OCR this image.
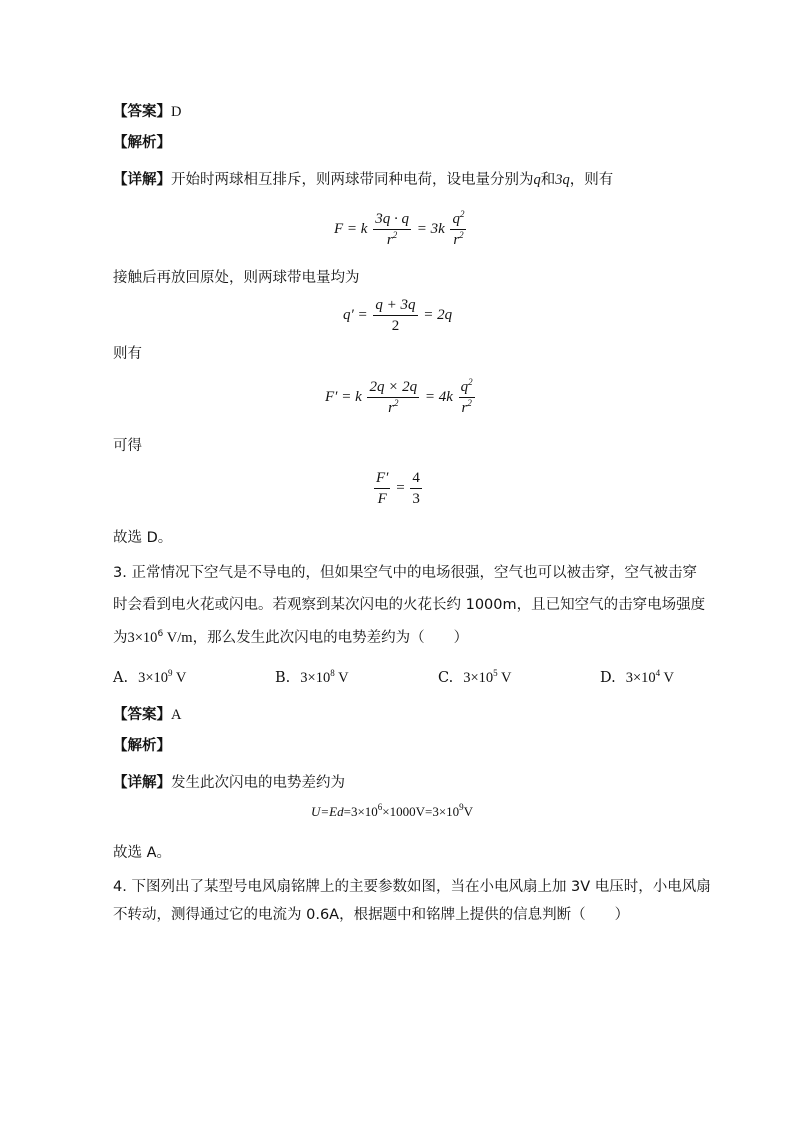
【答案】D
【解析】
【详解】开始时两球相互排斥，则两球带同种电荷，设电量分别为q和3q，则有
F = k $\frac{3q \cdot q}{r^2} = 3k \frac{q^2}{r^2}$
接触后再放回原处，则两球带电量均为
$q' = \frac{q + 3q}{2} = 2q$
则有
F′ = k $\frac{2q \times 2q}{r^2} = 4k \frac{q^2}{r^2}$
可得
$\frac{F'}{F} = \frac{4}{3}$
故选 D。
3. 正常情况下空气是不导电的，但如果空气中的电场很强，空气也可以被击穿，空气被击穿
时会看到电火花或闪电。若观察到某次闪电的火花长约 1000m，且已知空气的击穿电场强度
为$3\times 10^6$ V/m，那么发生此次闪电的电势差约为（　　）
A. $3\times 10^9$ V	B. $3\times 10^8$ V	C. $3\times 10^5$ V	D. $3\times 10^4$ V
【答案】A
【解析】
【详解】发生此次闪电的电势差约为
$U=Ed=3\times 10^6\times 1000V=3\times 10^9V$
故选 A。
4. 下图列出了某型号电风扇铭牌上的主要参数如图，当在小电风扇上加 3V 电压时，小电风扇
不转动，测得通过它的电流为 0.6A，根据题中和铭牌上提供的信息判断（　　）
